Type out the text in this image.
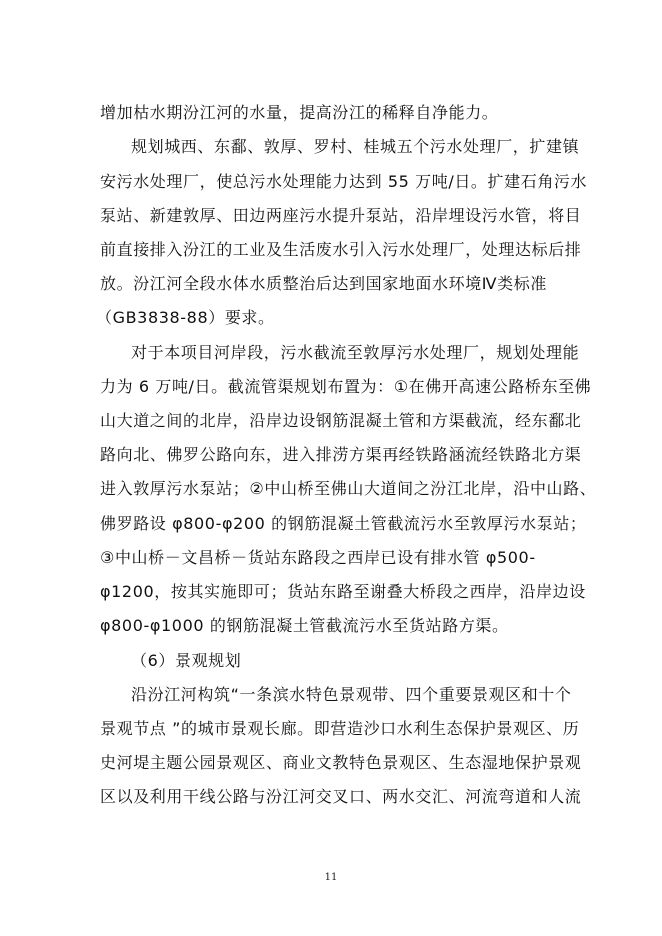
增加枯水期汾江河的水量，提高汾江的稀释自净能力。
规划城西、东鄱、敦厚、罗村、桂城五个污水处理厂，扩建镇
安污水处理厂，使总污水处理能力达到 55 万吨/日。扩建石角污水
泵站、新建敦厚、田边两座污水提升泵站，沿岸埋设污水管，将目
前直接排入汾江的工业及生活废水引入污水处理厂，处理达标后排
放。汾江河全段水体水质整治后达到国家地面水环境Ⅳ类标准
（GB3838-88）要求。
对于本项目河岸段，污水截流至敦厚污水处理厂，规划处理能
力为 6 万吨/日。截流管渠规划布置为：①在佛开高速公路桥东至佛
山大道之间的北岸，沿岸边设钢筋混凝土管和方渠截流，经东鄱北
路向北、佛罗公路向东，进入排涝方渠再经铁路涵流经铁路北方渠
进入敦厚污水泵站；②中山桥至佛山大道间之汾江北岸，沿中山路、
佛罗路设 φ800-φ200 的钢筋混凝土管截流污水至敦厚污水泵站；
③中山桥－文昌桥－货站东路段之西岸已设有排水管 φ500-
φ1200，按其实施即可；货站东路至谢叠大桥段之西岸，沿岸边设
φ800-φ1000 的钢筋混凝土管截流污水至货站路方渠。
（6）景观规划
沿汾江河构筑“一条滨水特色景观带、四个重要景观区和十个
景观节点 ”的城市景观长廊。即营造沙口水利生态保护景观区、历
史河堤主题公园景观区、商业文教特色景观区、生态湿地保护景观
区以及利用干线公路与汾江河交叉口、两水交汇、河流弯道和人流
11
